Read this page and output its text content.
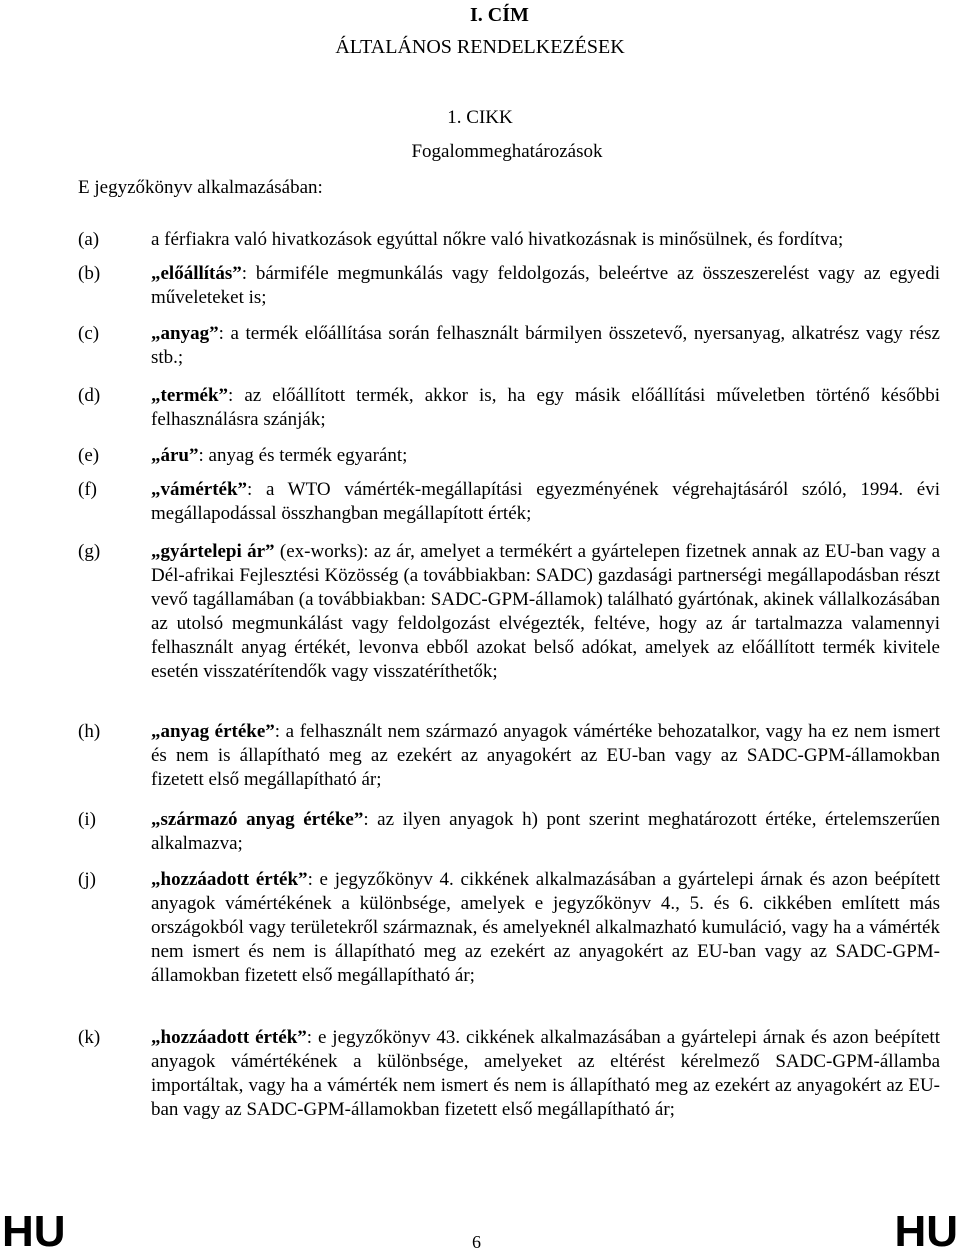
I. CÍM
ÁLTALÁNOS RENDELKEZÉSEK
1. CIKK
Fogalommeghatározások
E jegyzőkönyv alkalmazásában:
(a)	a férfiakra való hivatkozások egyúttal nőkre való hivatkozásnak is minősülnek, és fordítva;
(b)	„előállítás”: bármiféle megmunkálás vagy feldolgozás, beleértve az összeszerelést vagy az egyedi műveleteket is;
(c)	„anyag”: a termék előállítása során felhasznált bármilyen összetevő, nyersanyag, alkatrész vagy rész stb.;
(d)	„termék”: az előállított termék, akkor is, ha egy másik előállítási műveletben történő későbbi felhasználásra szánják;
(e)	„áru”: anyag és termék egyaránt;
(f)	„vámérték”: a WTO vámérték-megállapítási egyezményének végrehajtásáról szóló, 1994. évi megállapodással összhangban megállapított érték;
(g)	„gyártelepi ár” (ex-works): az ár, amelyet a termékért a gyártelepen fizetnek annak az EU-ban vagy a Dél-afrikai Fejlesztési Közösség (a továbbiakban: SADC) gazdasági partnerségi megállapodásban részt vevő tagállamában (a továbbiakban: SADC-GPM-államok) található gyártónak, akinek vállalkozásában az utolsó megmunkálást vagy feldolgozást elvégezték, feltéve, hogy az ár tartalmazza valamennyi felhasznált anyag értékét, levonva ebből azokat belső adókat, amelyek az előállított termék kivitele esetén visszatérítendők vagy visszatéríthetők;
(h)	„anyag értéke”: a felhasznált nem származó anyagok vámértéke behozatalkor, vagy ha ez nem ismert és nem is állapítható meg az ezekért az anyagokért az EU-ban vagy az SADC-GPM-államokban fizetett első megállapítható ár;
(i)	„származó anyag értéke”: az ilyen anyagok h) pont szerint meghatározott értéke, értelemszerűen alkalmazva;
(j)	„hozzáadott érték”: e jegyzőkönyv 4. cikkének alkalmazásában a gyártelepi árnak és azon beépített anyagok vámértékének a különbsége, amelyek e jegyzőkönyv 4., 5. és 6. cikkében említett más országokból vagy területekről származnak, és amelyeknél alkalmazható kumuláció, vagy ha a vámérték nem ismert és nem is állapítható meg az ezekért az anyagokért az EU-ban vagy az SADC-GPM-államokban fizetett első megállapítható ár;
(k)	„hozzáadott érték”: e jegyzőkönyv 43. cikkének alkalmazásában a gyártelepi árnak és azon beépített anyagok vámértékének a különbsége, amelyeket az eltérést kérelmező SADC-GPM-államba importáltak, vagy ha a vámérték nem ismert és nem is állapítható meg az ezekért az anyagokért az EU-ban vagy az SADC-GPM-államokban fizetett első megállapítható ár;
HU	6	HU
